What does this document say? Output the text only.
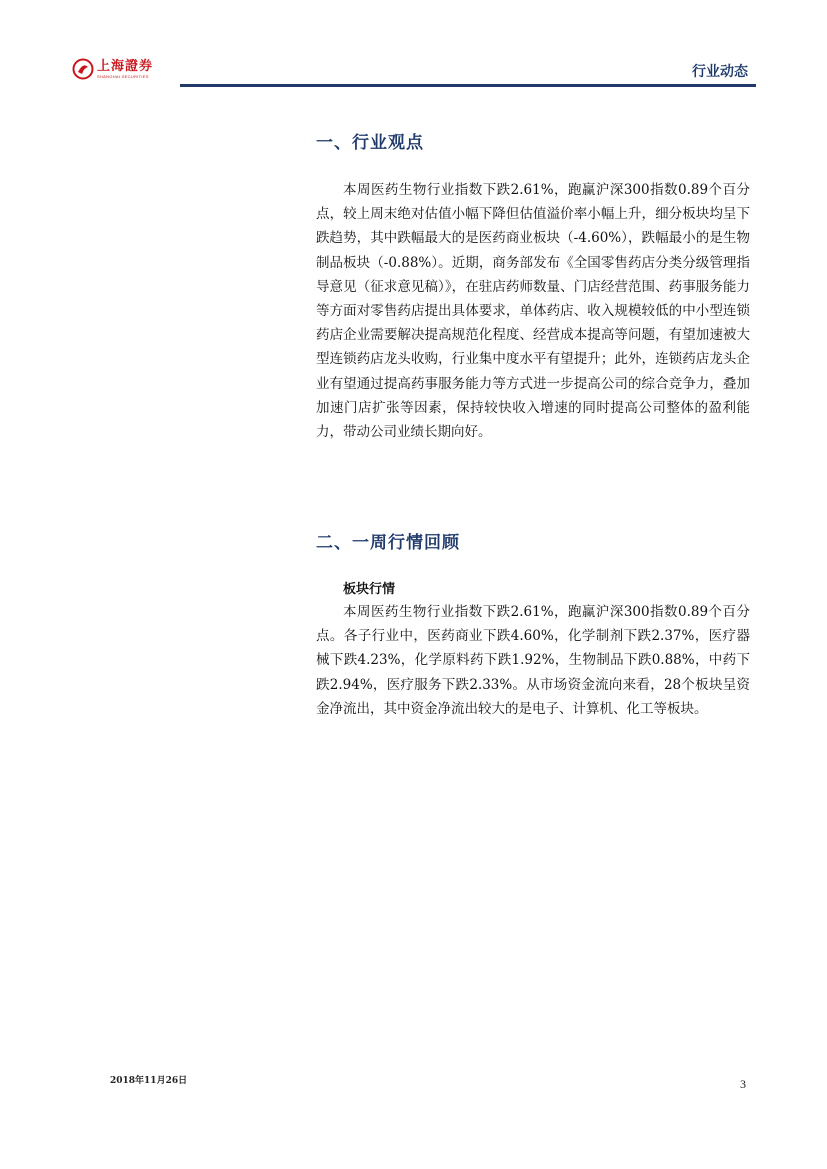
上海證券
SHANGHAI SECURITIES	行业动态
一、行业观点
本周医药生物行业指数下跌2.61%，跑赢沪深300指数0.89个百分点，较上周末绝对估值小幅下降但估值溢价率小幅上升，细分板块均呈下跌趋势，其中跌幅最大的是医药商业板块（-4.60%），跌幅最小的是生物制品板块（-0.88%）。近期，商务部发布《全国零售药店分类分级管理指导意见（征求意见稿）》，在驻店药师数量、门店经营范围、药事服务能力等方面对零售药店提出具体要求，单体药店、收入规模较低的中小型连锁药店企业需要解决提高规范化程度、经营成本提高等问题，有望加速被大型连锁药店龙头收购，行业集中度水平有望提升；此外，连锁药店龙头企业有望通过提高药事服务能力等方式进一步提高公司的综合竞争力，叠加加速门店扩张等因素，保持较快收入增速的同时提高公司整体的盈利能力，带动公司业绩长期向好。
二、一周行情回顾
板块行情
本周医药生物行业指数下跌2.61%，跑赢沪深300指数0.89个百分点。各子行业中，医药商业下跌4.60%，化学制剂下跌2.37%，医疗器械下跌4.23%，化学原料药下跌1.92%，生物制品下跌0.88%，中药下跌2.94%，医疗服务下跌2.33%。从市场资金流向来看，28个板块呈资金净流出，其中资金净流出较大的是电子、计算机、化工等板块。
2018年11月26日	3
